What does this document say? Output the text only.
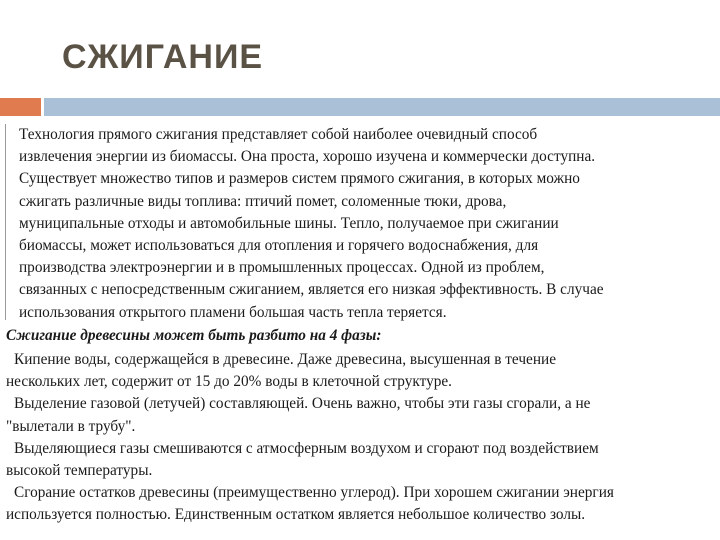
СЖИГАНИЕ

Технология прямого сжигания представляет собой наиболее очевидный способ
извлечения энергии из биомассы. Она проста, хорошо изучена и коммерчески доступна.
Существует множество типов и размеров систем прямого сжигания, в которых можно
сжигать различные виды топлива: птичий помет, соломенные тюки, дрова,
муниципальные отходы и автомобильные шины. Тепло, получаемое при сжигании
биомассы, может использоваться для отопления и горячего водоснабжения, для
производства электроэнергии и в промышленных процессах. Одной из проблем,
связанных с непосредственным сжиганием, является его низкая эффективность. В случае
использования открытого пламени большая часть тепла теряется.

Сжигание древесины может быть разбито на 4 фазы:
Кипение воды, содержащейся в древесине. Даже древесина, высушенная в течение
нескольких лет, содержит от 15 до 20% воды в клеточной структуре.
Выделение газовой (летучей) составляющей. Очень важно, чтобы эти газы сгорали, а не
"вылетали в трубу".
Выделяющиеся газы смешиваются с атмосферным воздухом и сгорают под воздействием
высокой температуры.
Сгорание остатков древесины (преимущественно углерод). При хорошем сжигании энергия
используется полностью. Единственным остатком является небольшое количество золы.
